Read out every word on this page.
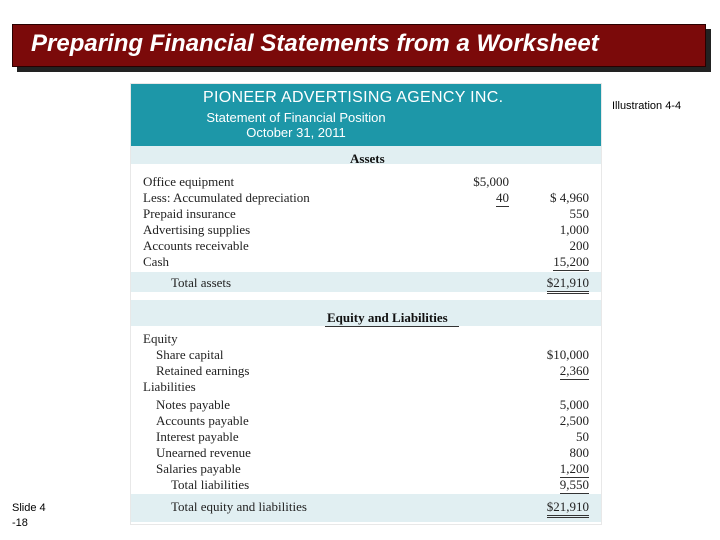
Preparing Financial Statements from a Worksheet
Illustration 4-4
Slide 4
-18
PIONEER ADVERTISING AGENCY INC.
Statement of Financial Position
October 31, 2011
Assets
Office equipment	$5,000
Less: Accumulated depreciation	40	$ 4,960
Prepaid insurance	550
Advertising supplies	1,000
Accounts receivable	200
Cash	15,200
Total assets	$21,910
Equity and Liabilities
Equity
Share capital	$10,000
Retained earnings	2,360
Liabilities
Notes payable	5,000
Accounts payable	2,500
Interest payable	50
Unearned revenue	800
Salaries payable	1,200
Total liabilities	9,550
Total equity and liabilities	$21,910
